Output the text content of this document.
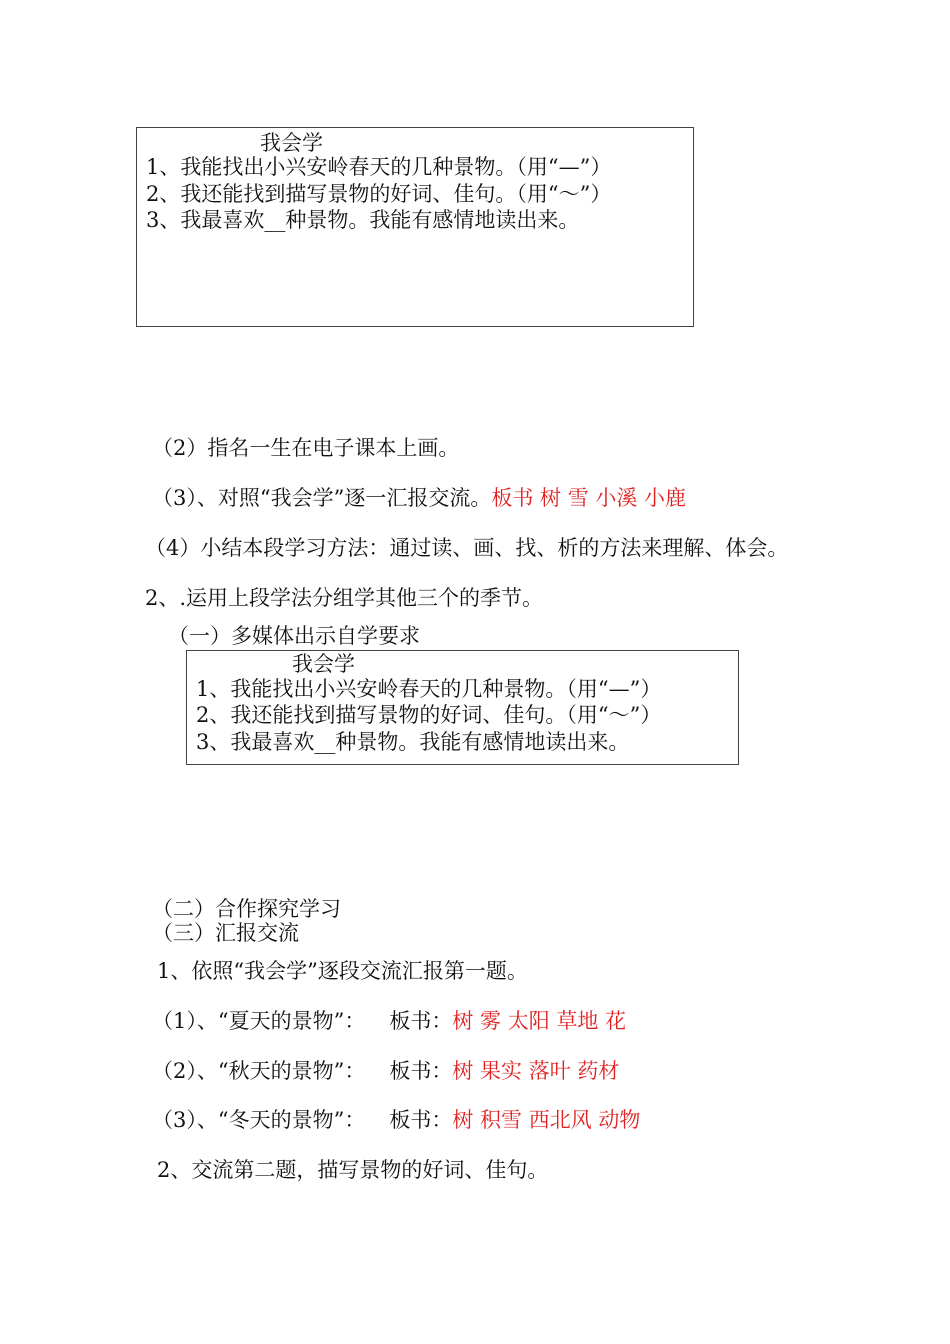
我会学
1、我能找出小兴安岭春天的几种景物。（用“—”）
2、我还能找到描写景物的好词、佳句。（用“～”）
3、我最喜欢__种景物。我能有感情地读出来。
（2）指名一生在电子课本上画。
（3）、对照“我会学”逐一汇报交流。板书 树 雪 小溪 小鹿
（4）小结本段学习方法：通过读、画、找、析的方法来理解、体会。
2、.运用上段学法分组学其他三个的季节。
（一）多媒体出示自学要求
我会学
1、我能找出小兴安岭春天的几种景物。（用“—”）
2、我还能找到描写景物的好词、佳句。（用“～”）
3、我最喜欢__种景物。我能有感情地读出来。
（二）合作探究学习
（三）汇报交流
1、依照“我会学”逐段交流汇报第一题。
（1）、“夏天的景物”： 板书：树 雾 太阳 草地 花
（2）、“秋天的景物”： 板书：树 果实 落叶 药材
（3）、“冬天的景物”： 板书：树 积雪 西北风 动物
2、交流第二题，描写景物的好词、佳句。
